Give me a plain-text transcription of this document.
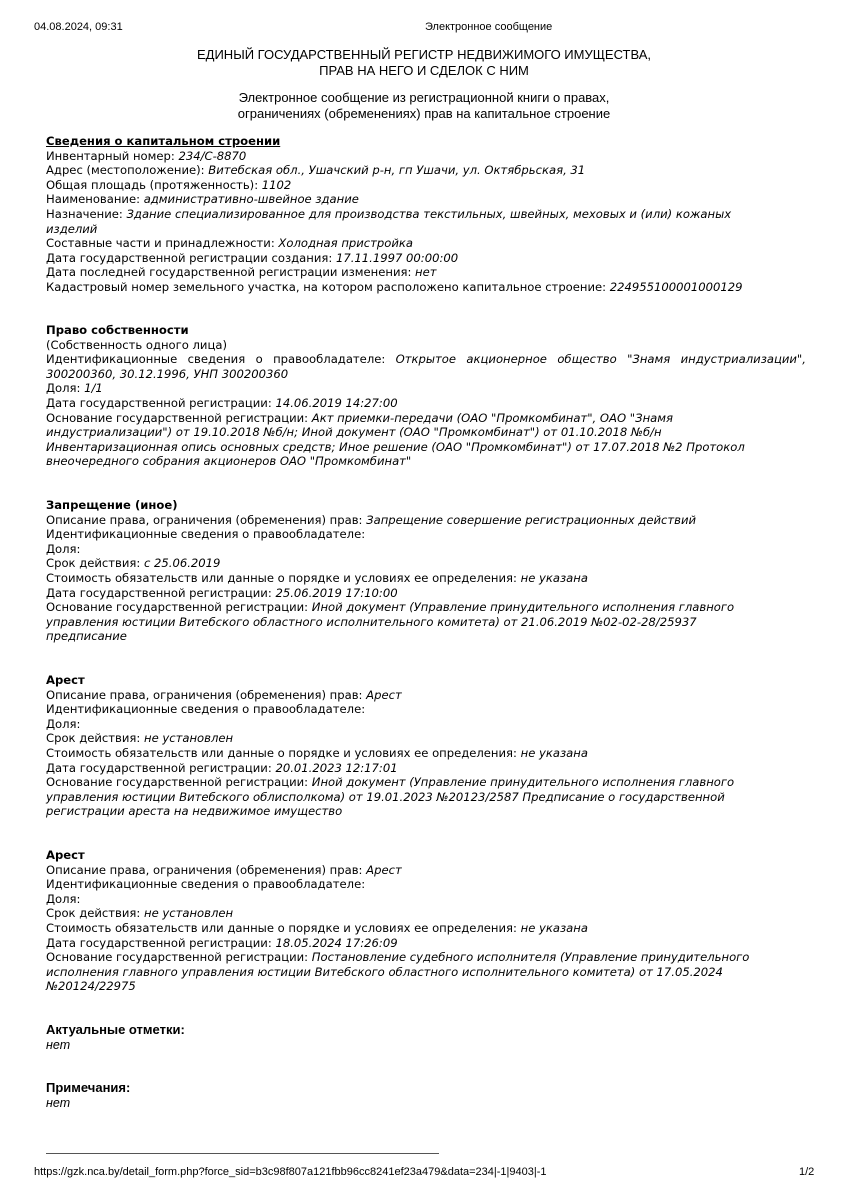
04.08.2024, 09:31	Электронное сообщение
ЕДИНЫЙ ГОСУДАРСТВЕННЫЙ РЕГИСТР НЕДВИЖИМОГО ИМУЩЕСТВА,
ПРАВ НА НЕГО И СДЕЛОК С НИМ
Электронное сообщение из регистрационной книги о правах,
ограничениях (обременениях) прав на капитальное строение
Сведения о капитальном строении
Инвентарный номер: 234/С-8870
Адрес (местоположение): Витебская обл., Ушачский р-н, гп Ушачи, ул. Октябрьская, 31
Общая площадь (протяженность): 1102
Наименование: административно-швейное здание
Назначение: Здание специализированное для производства текстильных, швейных, меховых и (или) кожаных
изделий
Составные части и принадлежности: Холодная пристройка
Дата государственной регистрации создания: 17.11.1997 00:00:00
Дата последней государственной регистрации изменения: нет
Кадастровый номер земельного участка, на котором расположено капитальное строение: 224955100001000129
Право собственности
(Собственность одного лица)
Идентификационные сведения о правообладателе: Открытое акционерное общество "Знамя индустриализации",
300200360, 30.12.1996, УНП 300200360
Доля: 1/1
Дата государственной регистрации: 14.06.2019 14:27:00
Основание государственной регистрации: Акт приемки-передачи (ОАО "Промкомбинат", ОАО "Знамя
индустриализации") от 19.10.2018 №б/н; Иной документ (ОАО "Промкомбинат") от 01.10.2018 №б/н
Инвентаризационная опись основных средств; Иное решение (ОАО "Промкомбинат") от 17.07.2018 №2 Протокол
внеочередного собрания акционеров ОАО "Промкомбинат"
Запрещение (иное)
Описание права, ограничения (обременения) прав: Запрещение совершение регистрационных действий
Идентификационные сведения о правообладателе:
Доля:
Срок действия: с 25.06.2019
Стоимость обязательств или данные о порядке и условиях ее определения: не указана
Дата государственной регистрации: 25.06.2019 17:10:00
Основание государственной регистрации: Иной документ (Управление принудительного исполнения главного
управления юстиции Витебского областного исполнительного комитета) от 21.06.2019 №02-02-28/25937
предписание
Арест
Описание права, ограничения (обременения) прав: Арест
Идентификационные сведения о правообладателе:
Доля:
Срок действия: не установлен
Стоимость обязательств или данные о порядке и условиях ее определения: не указана
Дата государственной регистрации: 20.01.2023 12:17:01
Основание государственной регистрации: Иной документ (Управление принудительного исполнения главного
управления юстиции Витебского облисполкома) от 19.01.2023 №20123/2587 Предписание о государственной
регистрации ареста на недвижимое имущество
Арест
Описание права, ограничения (обременения) прав: Арест
Идентификационные сведения о правообладателе:
Доля:
Срок действия: не установлен
Стоимость обязательств или данные о порядке и условиях ее определения: не указана
Дата государственной регистрации: 18.05.2024 17:26:09
Основание государственной регистрации: Постановление судебного исполнителя (Управление принудительного
исполнения главного управления юстиции Витебского областного исполнительного комитета) от 17.05.2024
№20124/22975
Актуальные отметки:
нет
Примечания:
нет
https://gzk.nca.by/detail_form.php?force_sid=b3c98f807a121fbb96cc8241ef23a479&data=234|-1|9403|-1	1/2
